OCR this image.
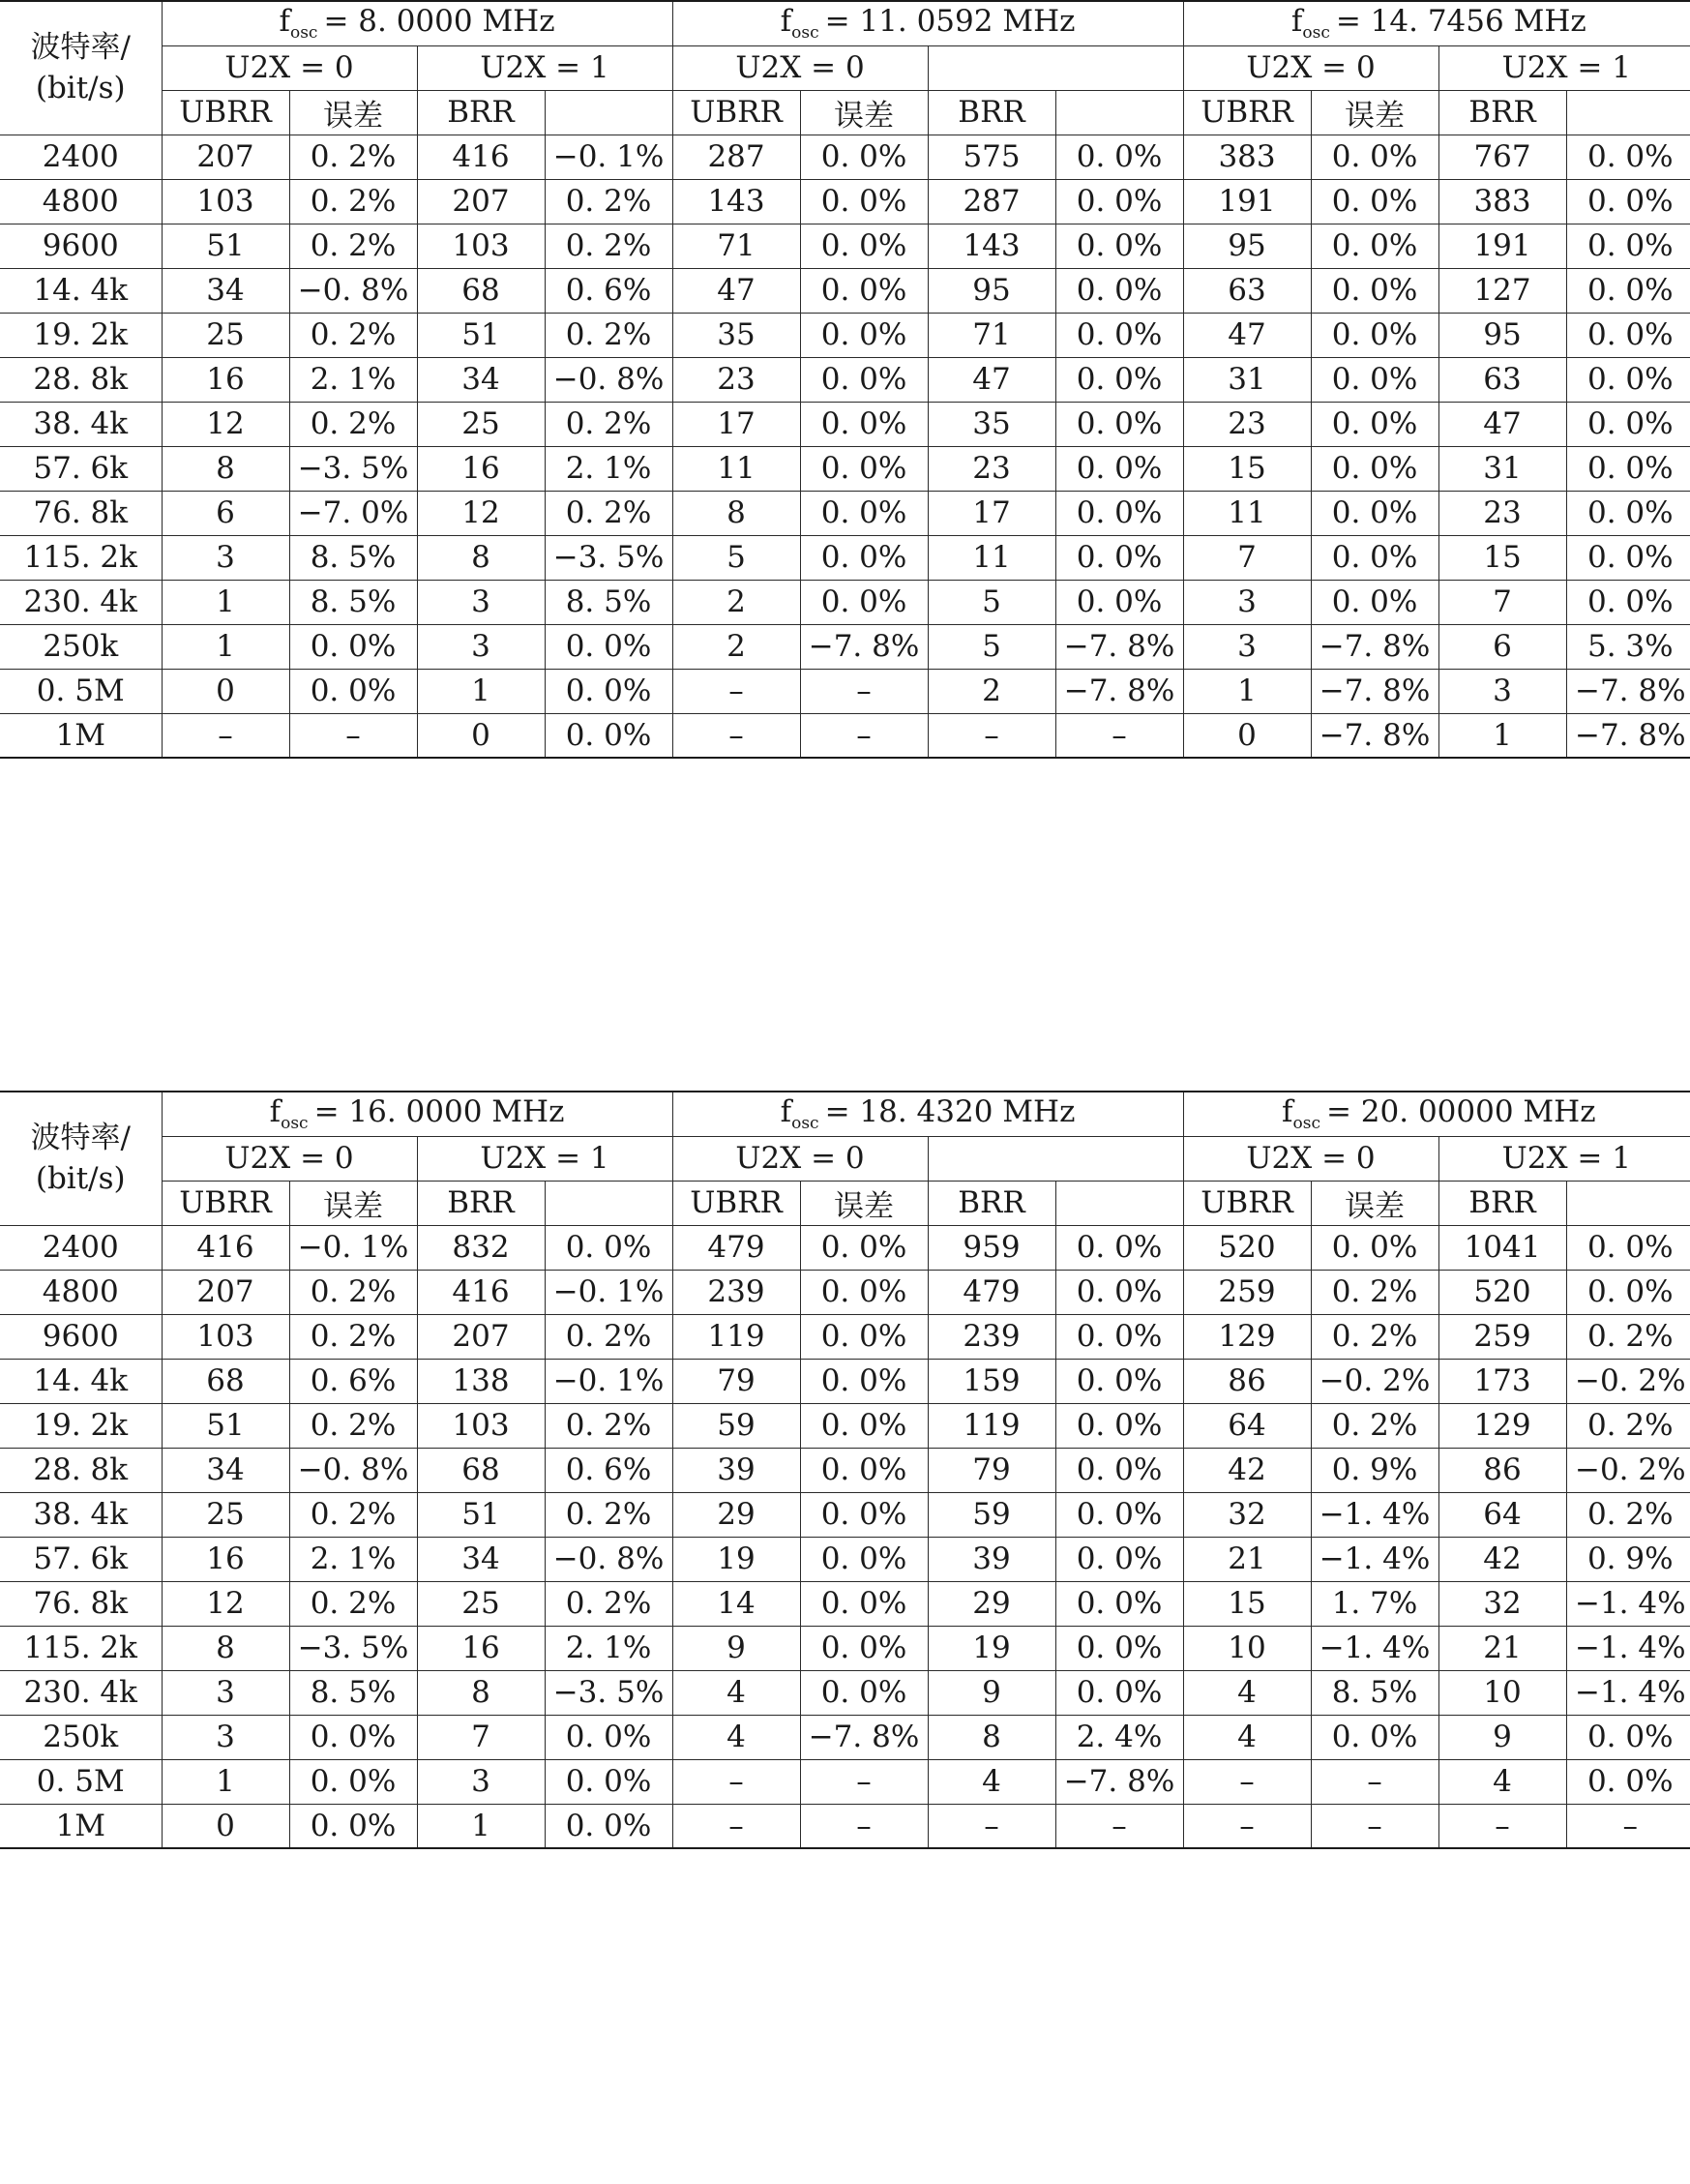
波特率/
(bit/s)	$f_{osc} = 8$. 0000 MHz				$f_{osc} = 11$. 0592 MHz				$f_{osc} = 14$. 7456 MHz			
	U2X = 0		U2X = 1		U2X = 0				U2X = 0		U2X = 1	
	UBRR	误差	BRR		UBRR	误差	BRR		UBRR	误差	BRR	
2400	207	0. 2%	416	−0. 1%	287	0. 0%	575	0. 0%	383	0. 0%	767	0. 0%
4800	103	0. 2%	207	0. 2%	143	0. 0%	287	0. 0%	191	0. 0%	383	0. 0%
9600	51	0. 2%	103	0. 2%	71	0. 0%	143	0. 0%	95	0. 0%	191	0. 0%
14. 4k	34	−0. 8%	68	0. 6%	47	0. 0%	95	0. 0%	63	0. 0%	127	0. 0%
19. 2k	25	0. 2%	51	0. 2%	35	0. 0%	71	0. 0%	47	0. 0%	95	0. 0%
28. 8k	16	2. 1%	34	−0. 8%	23	0. 0%	47	0. 0%	31	0. 0%	63	0. 0%
38. 4k	12	0. 2%	25	0. 2%	17	0. 0%	35	0. 0%	23	0. 0%	47	0. 0%
57. 6k	8	−3. 5%	16	2. 1%	11	0. 0%	23	0. 0%	15	0. 0%	31	0. 0%
76. 8k	6	−7. 0%	12	0. 2%	8	0. 0%	17	0. 0%	11	0. 0%	23	0. 0%
115. 2k	3	8. 5%	8	−3. 5%	5	0. 0%	11	0. 0%	7	0. 0%	15	0. 0%
230. 4k	1	8. 5%	3	8. 5%	2	0. 0%	5	0. 0%	3	0. 0%	7	0. 0%
250k	1	0. 0%	3	0. 0%	2	−7. 8%	5	−7. 8%	3	−7. 8%	6	5. 3%
0. 5M	0	0. 0%	1	0. 0%	–	–	2	−7. 8%	1	−7. 8%	3	−7. 8%
1M	–	–	0	0. 0%	–	–	–	–	0	−7. 8%	1	−7. 8%
波特率/
(bit/s)	$f_{osc} = 16$. 0000 MHz				$f_{osc} = 18$. 4320 MHz				$f_{osc} = 20$. 00000 MHz			
	U2X = 0		U2X = 1		U2X = 0				U2X = 0		U2X = 1	
	UBRR	误差	BRR		UBRR	误差	BRR		UBRR	误差	BRR	
2400	416	−0. 1%	832	0. 0%	479	0. 0%	959	0. 0%	520	0. 0%	1041	0. 0%
4800	207	0. 2%	416	−0. 1%	239	0. 0%	479	0. 0%	259	0. 2%	520	0. 0%
9600	103	0. 2%	207	0. 2%	119	0. 0%	239	0. 0%	129	0. 2%	259	0. 2%
14. 4k	68	0. 6%	138	−0. 1%	79	0. 0%	159	0. 0%	86	−0. 2%	173	−0. 2%
19. 2k	51	0. 2%	103	0. 2%	59	0. 0%	119	0. 0%	64	0. 2%	129	0. 2%
28. 8k	34	−0. 8%	68	0. 6%	39	0. 0%	79	0. 0%	42	0. 9%	86	−0. 2%
38. 4k	25	0. 2%	51	0. 2%	29	0. 0%	59	0. 0%	32	−1. 4%	64	0. 2%
57. 6k	16	2. 1%	34	−0. 8%	19	0. 0%	39	0. 0%	21	−1. 4%	42	0. 9%
76. 8k	12	0. 2%	25	0. 2%	14	0. 0%	29	0. 0%	15	1. 7%	32	−1. 4%
115. 2k	8	−3. 5%	16	2. 1%	9	0. 0%	19	0. 0%	10	−1. 4%	21	−1. 4%
230. 4k	3	8. 5%	8	−3. 5%	4	0. 0%	9	0. 0%	4	8. 5%	10	−1. 4%
250k	3	0. 0%	7	0. 0%	4	−7. 8%	8	2. 4%	4	0. 0%	9	0. 0%
0. 5M	1	0. 0%	3	0. 0%	–	–	4	−7. 8%	–	–	4	0. 0%
1M	0	0. 0%	1	0. 0%	–	–	–	–	–	–	–	–
